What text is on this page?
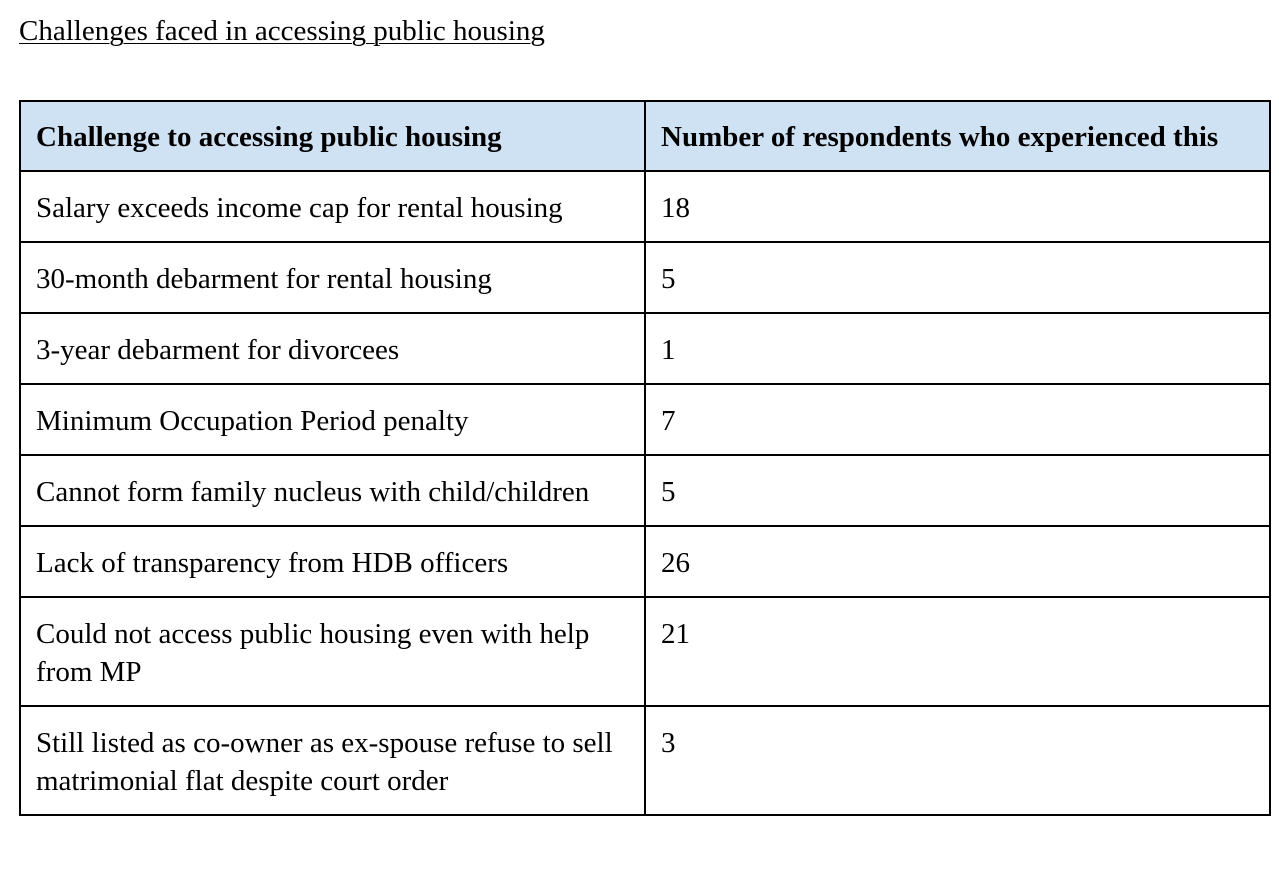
Challenges faced in accessing public housing
Challenge to accessing public housing	Number of respondents who experienced this
Salary exceeds income cap for rental housing	18
30-month debarment for rental housing	5
3-year debarment for divorcees	1
Minimum Occupation Period penalty	7
Cannot form family nucleus with child/children	5
Lack of transparency from HDB officers	26
Could not access public housing even with help from MP	21
Still listed as co-owner as ex-spouse refuse to sell matrimonial flat despite court order	3
